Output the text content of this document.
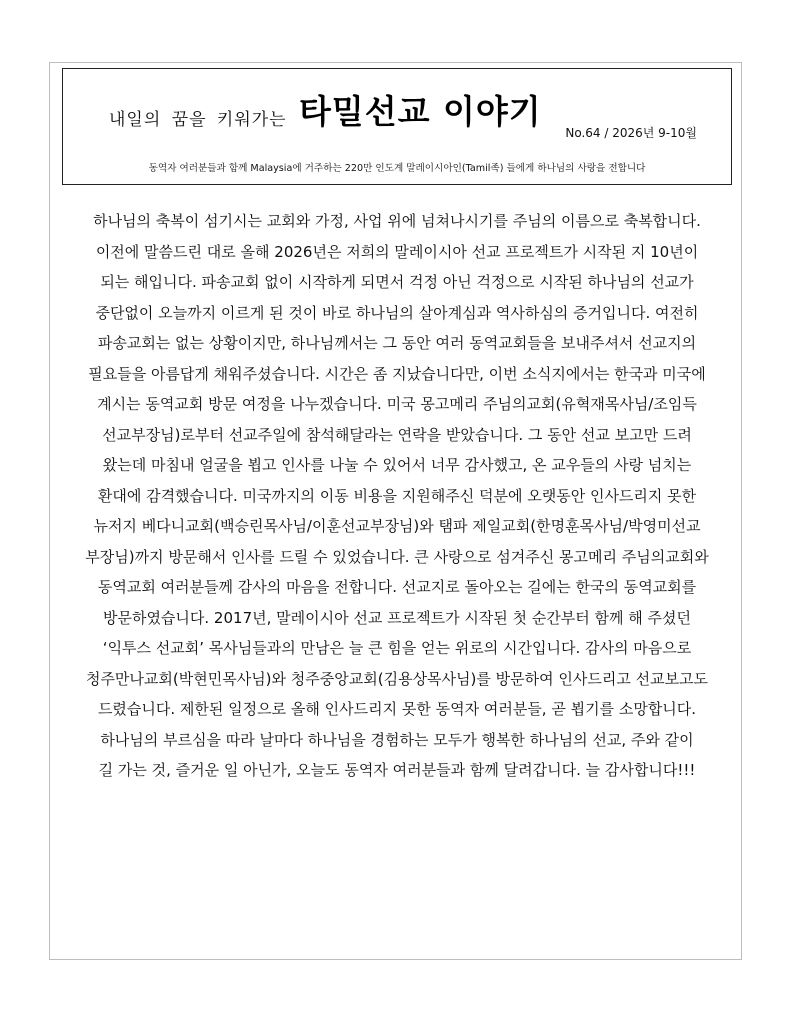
내일의 꿈을 키워가는 타밀선교 이야기
No.64 / 2026년 9-10월
동역자 여러분들과 함께 Malaysia에 거주하는 220만 인도계 말레이시아인(Tamil족) 들에게 하나님의 사랑을 전합니다
하나님의 축복이 섬기시는 교회와 가정, 사업 위에 넘쳐나시기를 주님의 이름으로 축복합니다.
이전에 말씀드린 대로 올해 2026년은 저희의 말레이시아 선교 프로젝트가 시작된 지 10년이
되는 해입니다. 파송교회 없이 시작하게 되면서 걱정 아닌 걱정으로 시작된 하나님의 선교가
중단없이 오늘까지 이르게 된 것이 바로 하나님의 살아계심과 역사하심의 증거입니다. 여전히
파송교회는 없는 상황이지만, 하나님께서는 그 동안 여러 동역교회들을 보내주셔서 선교지의
필요들을 아름답게 채워주셨습니다. 시간은 좀 지났습니다만, 이번 소식지에서는 한국과 미국에
계시는 동역교회 방문 여정을 나누겠습니다. 미국 몽고메리 주님의교회(유혁재목사님/조임득
선교부장님)로부터 선교주일에 참석해달라는 연락을 받았습니다. 그 동안 선교 보고만 드려
왔는데 마침내 얼굴을 뵙고 인사를 나눌 수 있어서 너무 감사했고, 온 교우들의 사랑 넘치는
환대에 감격했습니다. 미국까지의 이동 비용을 지원해주신 덕분에 오랫동안 인사드리지 못한
뉴저지 베다니교회(백승린목사님/이훈선교부장님)와 탬파 제일교회(한명훈목사님/박영미선교
부장님)까지 방문해서 인사를 드릴 수 있었습니다. 큰 사랑으로 섬겨주신 몽고메리 주님의교회와
동역교회 여러분들께 감사의 마음을 전합니다. 선교지로 돌아오는 길에는 한국의 동역교회를
방문하였습니다. 2017년, 말레이시아 선교 프로젝트가 시작된 첫 순간부터 함께 해 주셨던
‘익투스 선교회’ 목사님들과의 만남은 늘 큰 힘을 얻는 위로의 시간입니다. 감사의 마음으로
청주만나교회(박현민목사님)와 청주중앙교회(김용상목사님)를 방문하여 인사드리고 선교보고도
드렸습니다. 제한된 일정으로 올해 인사드리지 못한 동역자 여러분들, 곧 뵙기를 소망합니다.
하나님의 부르심을 따라 날마다 하나님을 경험하는 모두가 행복한 하나님의 선교, 주와 같이
길 가는 것, 즐거운 일 아닌가, 오늘도 동역자 여러분들과 함께 달려갑니다. 늘 감사합니다!!!
